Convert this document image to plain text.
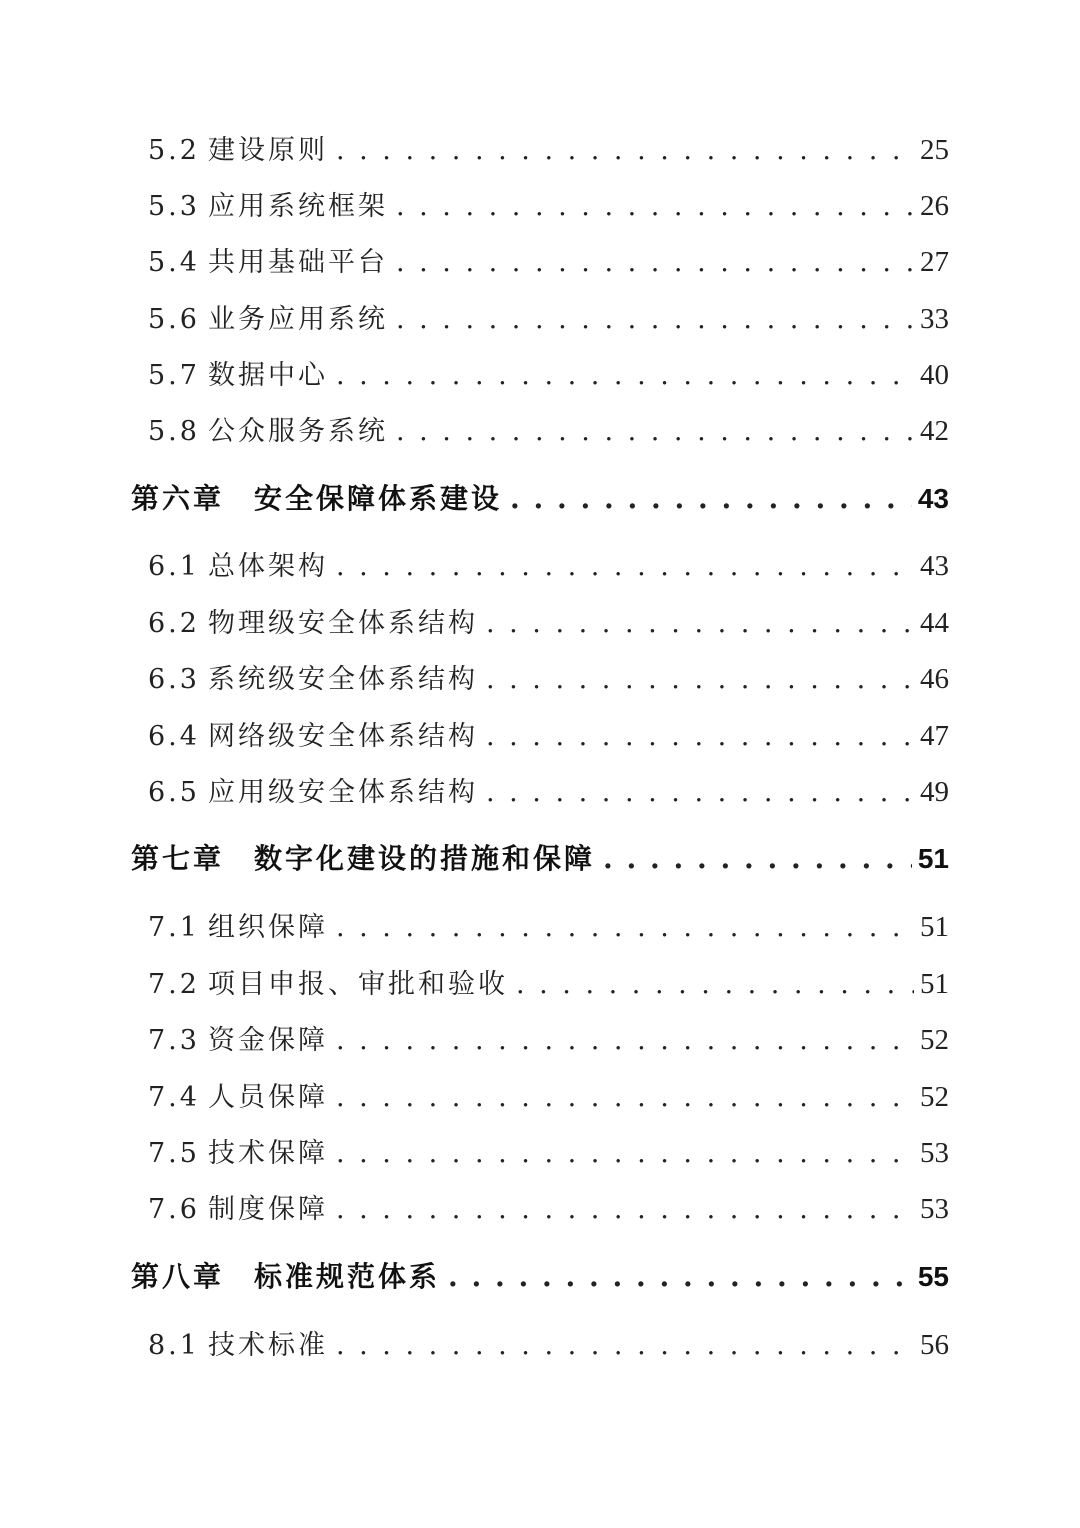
5.2 建设原则 . . .	25
5.3 应用系统框架 . . .	26
5.4 共用基础平台 . . .	27
5.6 业务应用系统 . . .	33
5.7 数据中心 . . .	40
5.8 公众服务系统 . . .	42
第六章 安全保障体系建设 . . .	43
6.1 总体架构 . . .	43
6.2 物理级安全体系结构 . . .	44
6.3 系统级安全体系结构 . . .	46
6.4 网络级安全体系结构 . . .	47
6.5 应用级安全体系结构 . . .	49
第七章 数字化建设的措施和保障 . . .	51
7.1 组织保障 . . .	51
7.2 项目申报、审批和验收 . . .	51
7.3 资金保障 . . .	52
7.4 人员保障 . . .	52
7.5 技术保障 . . .	53
7.6 制度保障 . . .	53
第八章 标准规范体系 . . .	55
8.1 技术标准 . . .	56
